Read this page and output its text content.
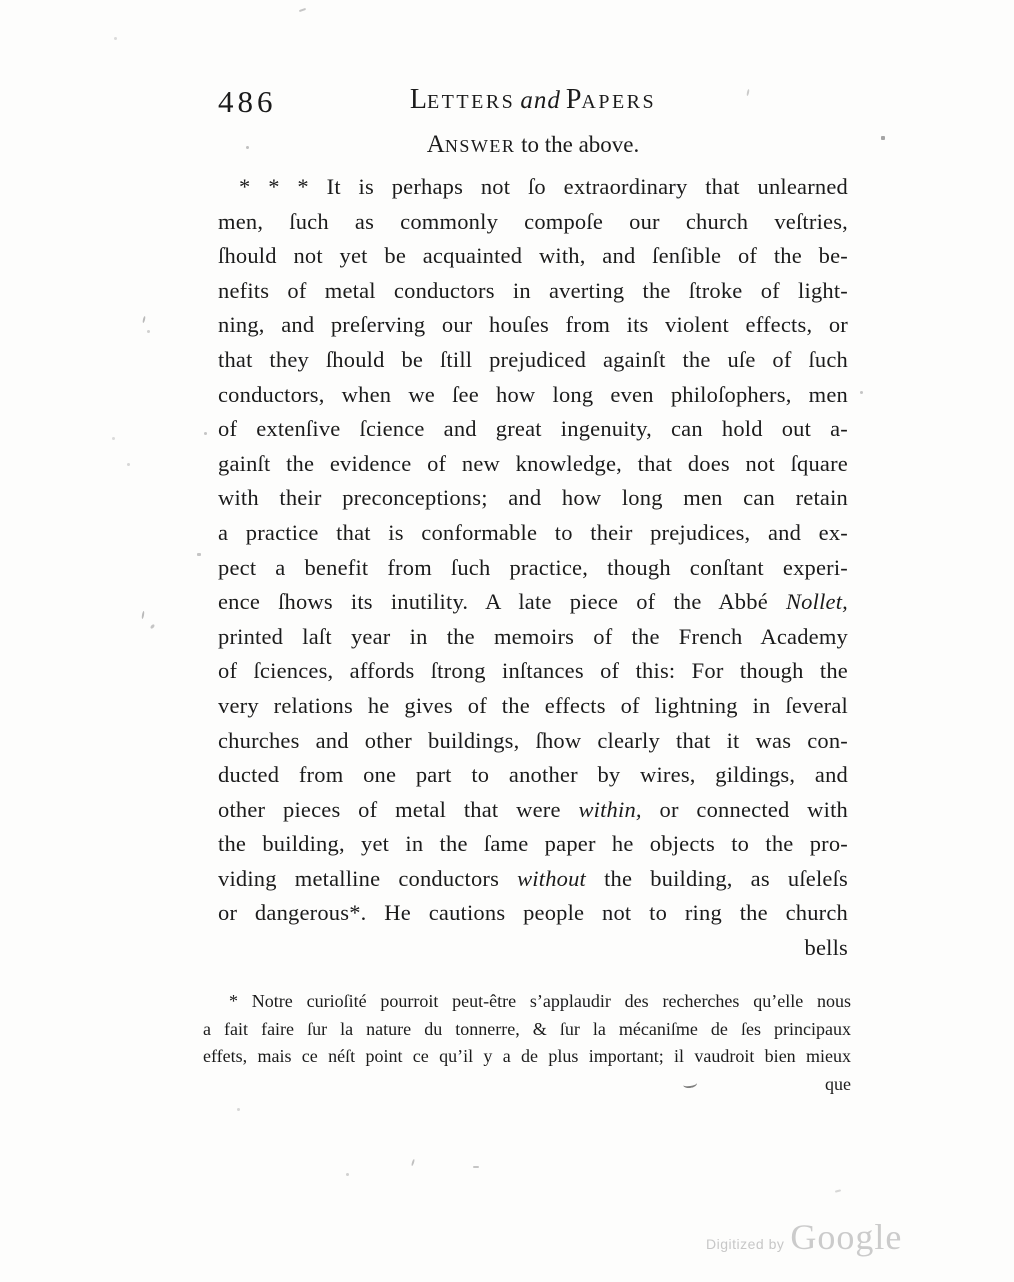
486	LETTERS and PAPERS
ANSWER to the above.
* * * It is perhaps not ſo extraordinary that unlearned
men, ſuch as commonly compoſe our church veſtries,
ſhould not yet be acquainted with, and ſenſible of the be-
nefits of metal conductors in averting the ſtroke of light-
ning, and preſerving our houſes from its violent effects, or
that they ſhould be ſtill prejudiced againſt the uſe of ſuch
conductors, when we ſee how long even philoſophers, men
of extenſive ſcience and great ingenuity, can hold out a-
gainſt the evidence of new knowledge, that does not ſquare
with their preconceptions; and how long men can retain
a practice that is conformable to their prejudices, and ex-
pect a benefit from ſuch practice, though conſtant experi-
ence ſhows its inutility. A late piece of the Abbé Nollet,
printed laſt year in the memoirs of the French Academy
of ſciences, affords ſtrong inſtances of this: For though the
very relations he gives of the effects of lightning in ſeveral
churches and other buildings, ſhow clearly that it was con-
ducted from one part to another by wires, gildings, and
other pieces of metal that were within, or connected with
the building, yet in the ſame paper he objects to the pro-
viding metalline conductors without the building, as uſeleſs
or dangerous*. He cautions people not to ring the church
bells
* Notre curioſité pourroit peut-être s’applaudir des recherches qu’elle nous
a fait faire ſur la nature du tonnerre, & ſur la mécaniſme de ſes principaux
effets, mais ce néſt point ce qu’il y a de plus important; il vaudroit bien mieux
que
Digitized by Google
